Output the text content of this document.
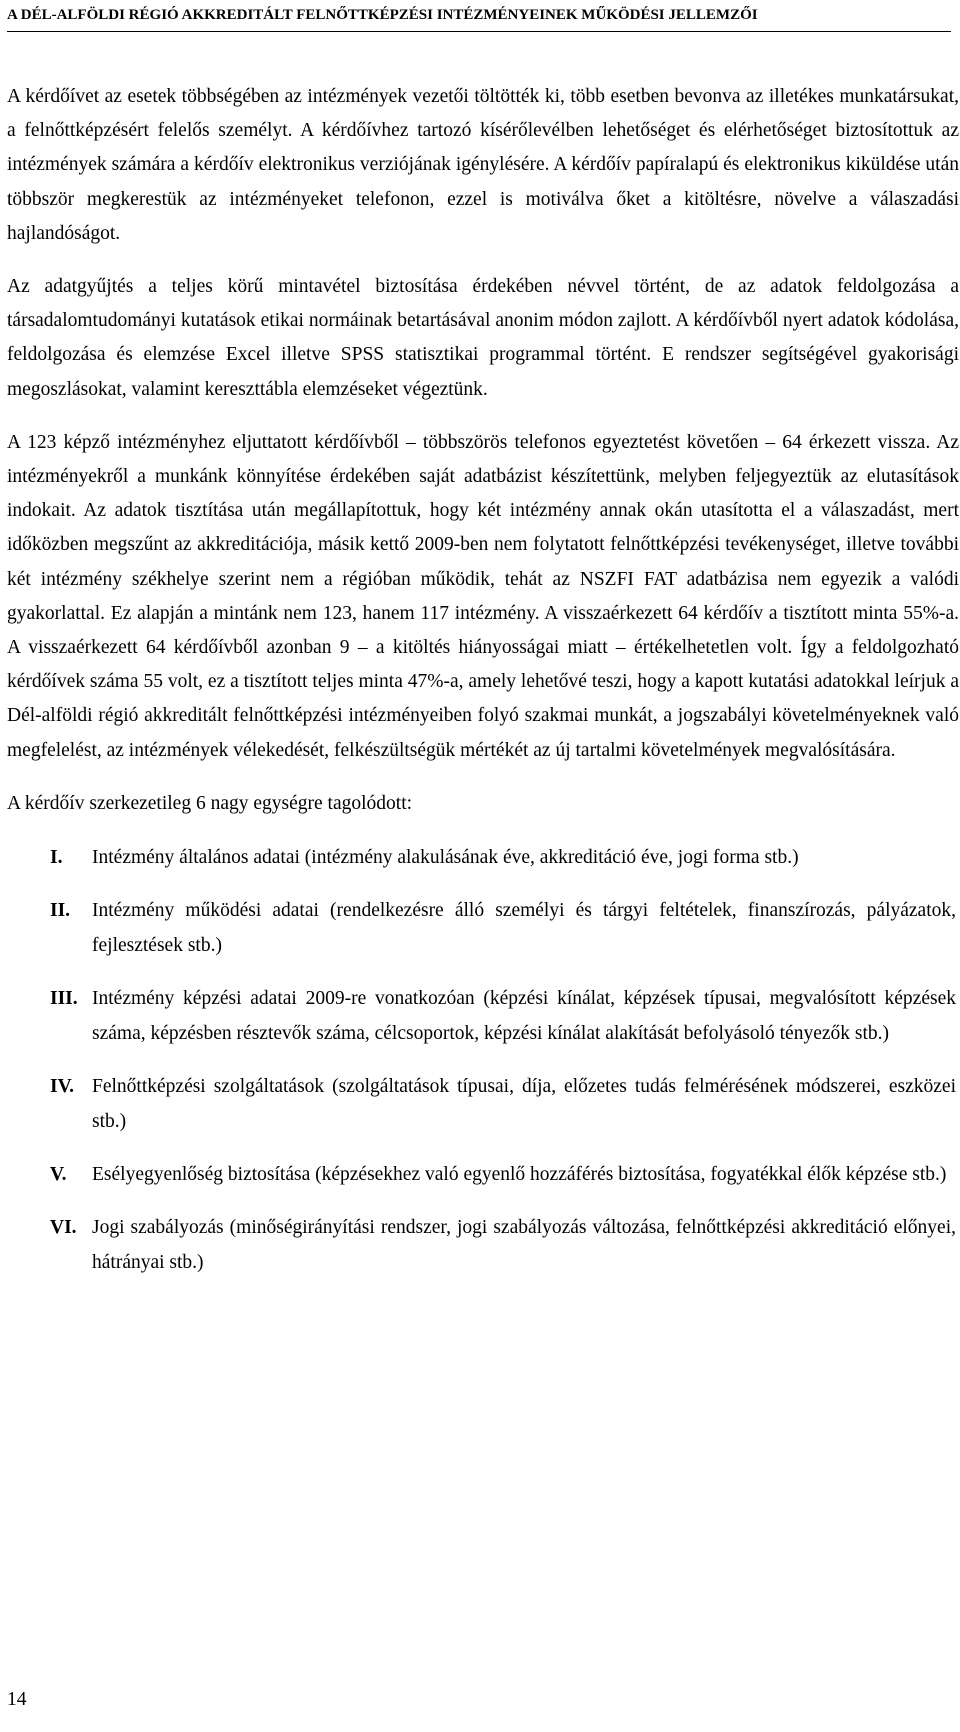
A DÉL-ALFÖLDI RÉGIÓ AKKREDITÁLT FELNŐTTKÉPZÉSI INTÉZMÉNYEINEK MŰKÖDÉSI JELLEMZŐI

A kérdőívet az esetek többségében az intézmények vezetői töltötték ki, több esetben bevonva az illetékes munkatársukat, a felnőttképzésért felelős személyt. A kérdőívhez tartozó kísérőlevélben lehetőséget és elérhetőséget biztosítottuk az intézmények számára a kérdőív elektronikus verziójának igénylésére. A kérdőív papíralapú és elektronikus kiküldése után többször megkerestük az intézményeket telefonon, ezzel is motiválva őket a kitöltésre, növelve a válaszadási hajlandóságot.

Az adatgyűjtés a teljes körű mintavétel biztosítása érdekében névvel történt, de az adatok feldolgozása a társadalomtudományi kutatások etikai normáinak betartásával anonim módon zajlott. A kérdőívből nyert adatok kódolása, feldolgozása és elemzése Excel illetve SPSS statisztikai programmal történt. E rendszer segítségével gyakorisági megoszlásokat, valamint kereszttábla elemzéseket végeztünk.

A 123 képző intézményhez eljuttatott kérdőívből – többszörös telefonos egyeztetést követően – 64 érkezett vissza. Az intézményekről a munkánk könnyítése érdekében saját adatbázist készítettünk, melyben feljegyeztük az elutasítások indokait. Az adatok tisztítása után megállapítottuk, hogy két intézmény annak okán utasította el a válaszadást, mert időközben megszűnt az akkreditációja, másik kettő 2009-ben nem folytatott felnőttképzési tevékenységet, illetve további két intézmény székhelye szerint nem a régióban működik, tehát az NSZFI FAT adatbázisa nem egyezik a valódi gyakorlattal. Ez alapján a mintánk nem 123, hanem 117 intézmény. A visszaérkezett 64 kérdőív a tisztított minta 55%-a. A visszaérkezett 64 kérdőívből azonban 9 – a kitöltés hiányosságai miatt – értékelhetetlen volt. Így a feldolgozható kérdőívek száma 55 volt, ez a tisztított teljes minta 47%-a, amely lehetővé teszi, hogy a kapott kutatási adatokkal leírjuk a Dél-alföldi régió akkreditált felnőttképzési intézményeiben folyó szakmai munkát, a jogszabályi követelményeknek való megfelelést, az intézmények vélekedését, felkészültségük mértékét az új tartalmi követelmények megvalósítására.

A kérdőív szerkezetileg 6 nagy egységre tagolódott:

I.	Intézmény általános adatai (intézmény alakulásának éve, akkreditáció éve, jogi forma stb.)
II.	Intézmény működési adatai (rendelkezésre álló személyi és tárgyi feltételek, finanszírozás, pályázatok, fejlesztések stb.)
III. Intézmény képzési adatai 2009-re vonatkozóan (képzési kínálat, képzések típusai, megvalósított képzések száma, képzésben résztevők száma, célcsoportok, képzési kínálat alakítását befolyásoló tényezők stb.)
IV. Felnőttképzési szolgáltatások (szolgáltatások típusai, díja, előzetes tudás felmérésének módszerei, eszközei stb.)
V.	Esélyegyenlőség biztosítása (képzésekhez való egyenlő hozzáférés biztosítása, fogyatékkal élők képzése stb.)
VI. Jogi szabályozás (minőségirányítási rendszer, jogi szabályozás változása, felnőttképzési akkreditáció előnyei, hátrányai stb.)
14
